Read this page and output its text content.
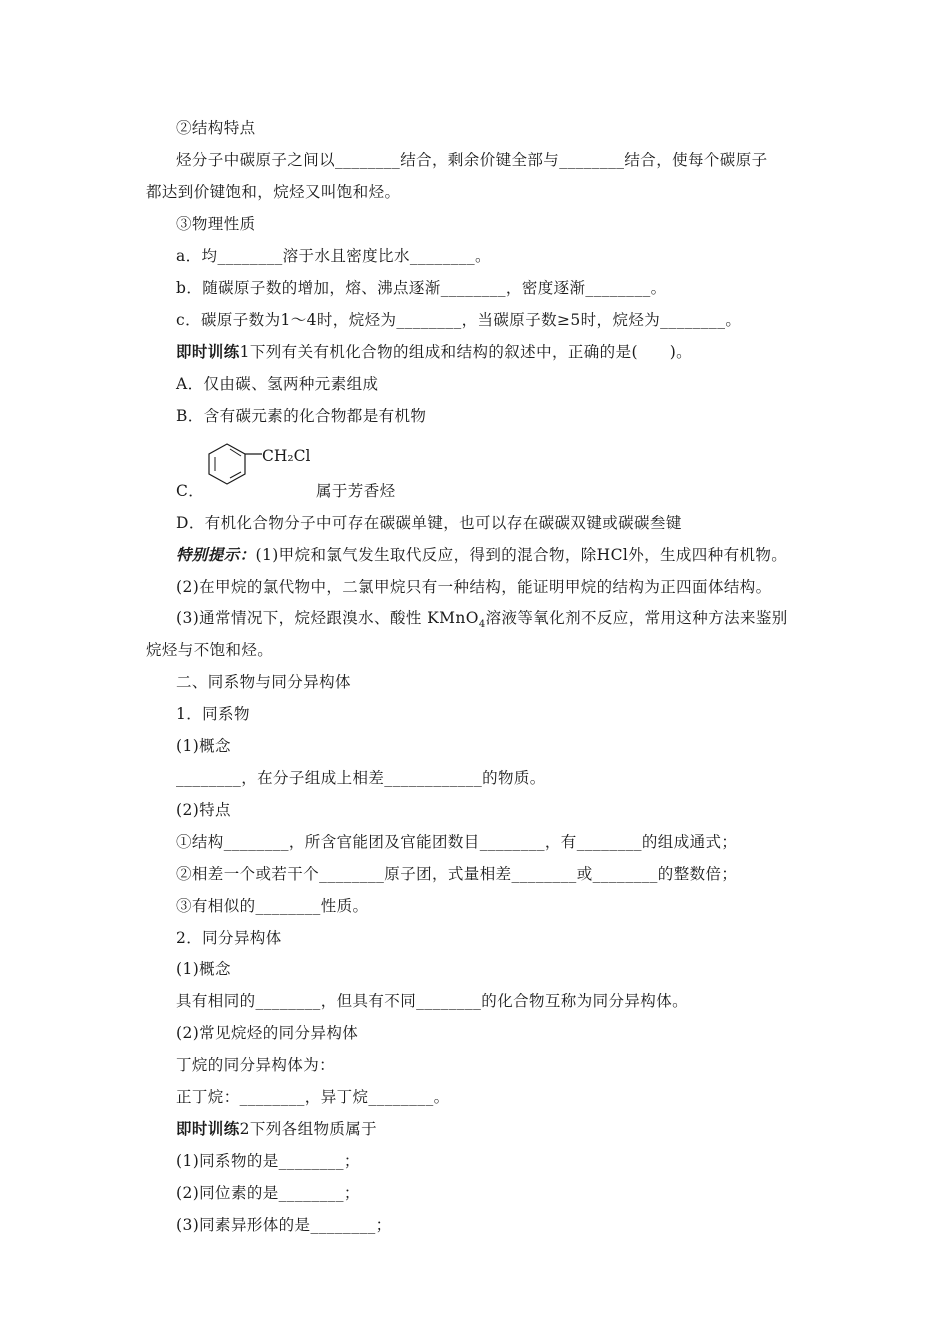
②结构特点
烃分子中碳原子之间以________结合，剩余价键全部与________结合，使每个碳原子
都达到价键饱和，烷烃又叫饱和烃。
③物理性质
a．均________溶于水且密度比水________。
b．随碳原子数的增加，熔、沸点逐渐________，密度逐渐________。
c．碳原子数为1～4时，烷烃为________，当碳原子数≥5时，烷烃为________。
即时训练1下列有关有机化合物的组成和结构的叙述中，正确的是(　　)。
A．仅由碳、氢两种元素组成
B．含有碳元素的化合物都是有机物
CH₂Cl
C．	属于芳香烃
D．有机化合物分子中可存在碳碳单键，也可以存在碳碳双键或碳碳叁键
特别提示：(1)甲烷和氯气发生取代反应，得到的混合物，除HCl外，生成四种有机物。
(2)在甲烷的氯代物中，二氯甲烷只有一种结构，能证明甲烷的结构为正四面体结构。
(3)通常情况下，烷烃跟溴水、酸性 KMnO$_4$溶液等氧化剂不反应，常用这种方法来鉴别
烷烃与不饱和烃。
二、同系物与同分异构体
1．同系物
(1)概念
________，在分子组成上相差____________的物质。
(2)特点
①结构________，所含官能团及官能团数目________，有________的组成通式；
②相差一个或若干个________原子团，式量相差________或________的整数倍；
③有相似的________性质。
2．同分异构体
(1)概念
具有相同的________，但具有不同________的化合物互称为同分异构体。
(2)常见烷烃的同分异构体
丁烷的同分异构体为：
正丁烷：________，异丁烷________。
即时训练2下列各组物质属于
(1)同系物的是________；
(2)同位素的是________；
(3)同素异形体的是________；
